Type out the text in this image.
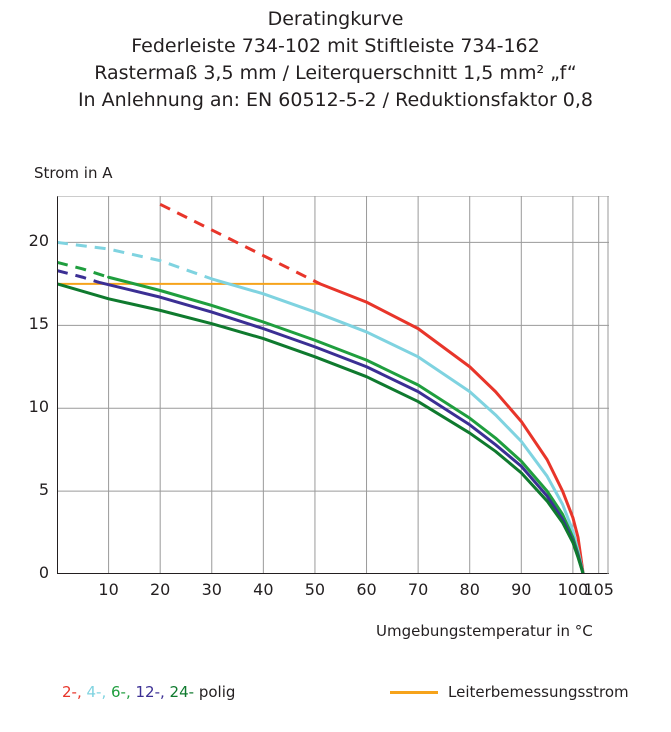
Deratingkurve
Federleiste 734-102 mit Stiftleiste 734-162
Rastermaß 3,5 mm / Leiterquerschnitt 1,5 mm² „f“
In Anlehnung an: EN 60512-5-2 / Reduktionsfaktor 0,8
Strom in A
Umgebungstemperatur in °C
0
5
10
15
20
10	20	30	40	50	60	70	80	90	100
105
2-, 4-, 6-, 12-, 24- polig	Leiterbemessungsstrom
